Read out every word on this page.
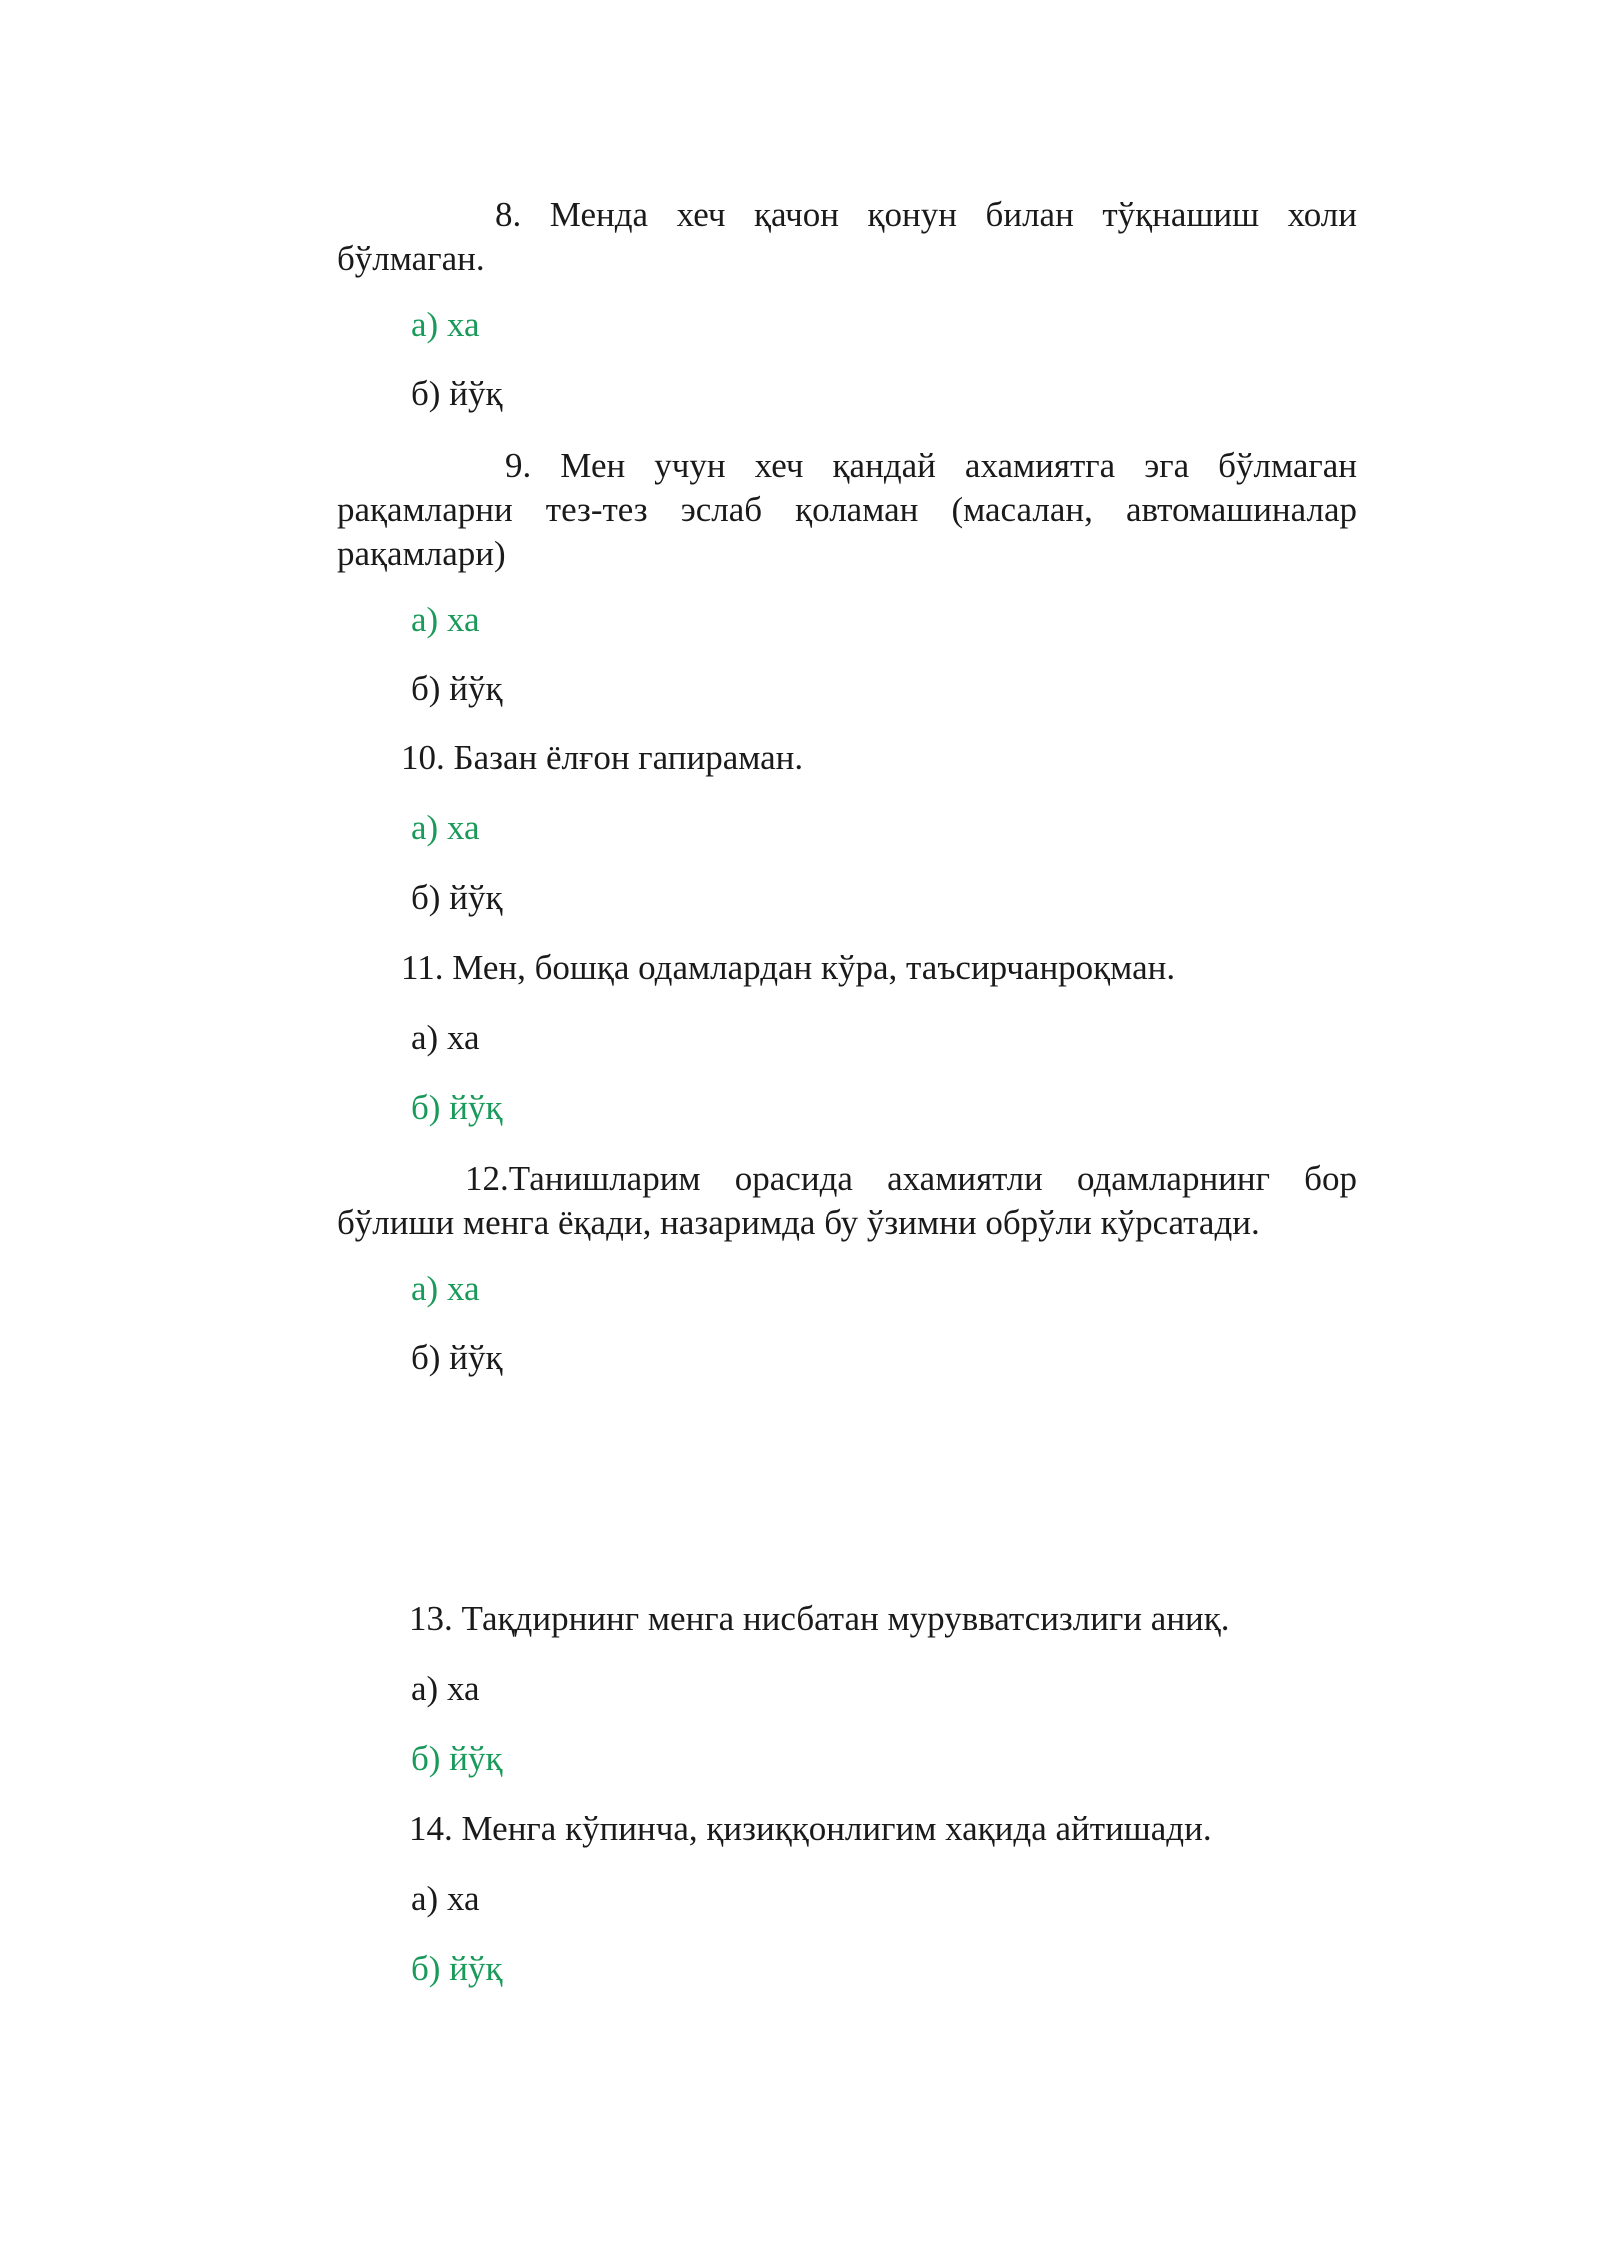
8. Менда хеч қачон қонун билан тўқнашиш холи бўлмаган.

а) ха

б) йўқ

9. Мен учун хеч қандай ахамиятга эга бўлмаган рақамларни тез-тез эслаб қоламан (масалан, автомашиналар рақамлари)

а) ха

б) йўқ

10. Базан ёлғон гапираман.

а) ха

б) йўқ

11. Мен, бошқа одамлардан кўра, таъсирчанроқман.

а) ха

б) йўқ

12.Танишларим орасида ахамиятли одамларнинг бор бўлиши менга ёқади, назаримда бу ўзимни обрўли кўрсатади.

а) ха

б) йўқ

13. Тақдирнинг менга нисбатан мурувватсизлиги аниқ.

а) ха

б) йўқ

14. Менга кўпинча, қизиққонлигим хақида айтишади.

а) ха

б) йўқ
